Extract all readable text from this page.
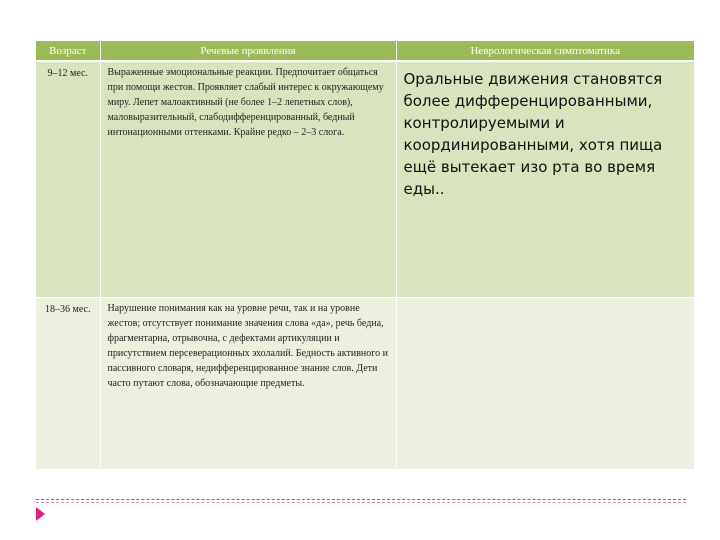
Возраст	Речевые проявления	Неврологическая симптоматика
9–12 мес.	Выраженные эмоциональные реакции. Предпочитает общаться при помощи жестов. Проявляет слабый интерес к окружающему миру. Лепет малоактивный (не более 1–2 лепетных слов), маловыразительный, слабодифференцированный, бедный интонационными оттенками. Крайне редко – 2–3 слога.	Оральные движения становятся более дифференцированными, контролируемыми и координированными, хотя пища ещё вытекает изо рта во время еды..
18–36 мес.	Нарушение понимания как на уровне речи, так и на уровне жестов; отсутствует понимание значения слова «да», речь бедна, фрагментарна, отрывочна, с дефектами артикуляции и присутствием персеверационных эхолалий. Бедность активного и пассивного словаря, недифференцированное знание слов. Дети часто путают слова, обозначающие предметы.	
